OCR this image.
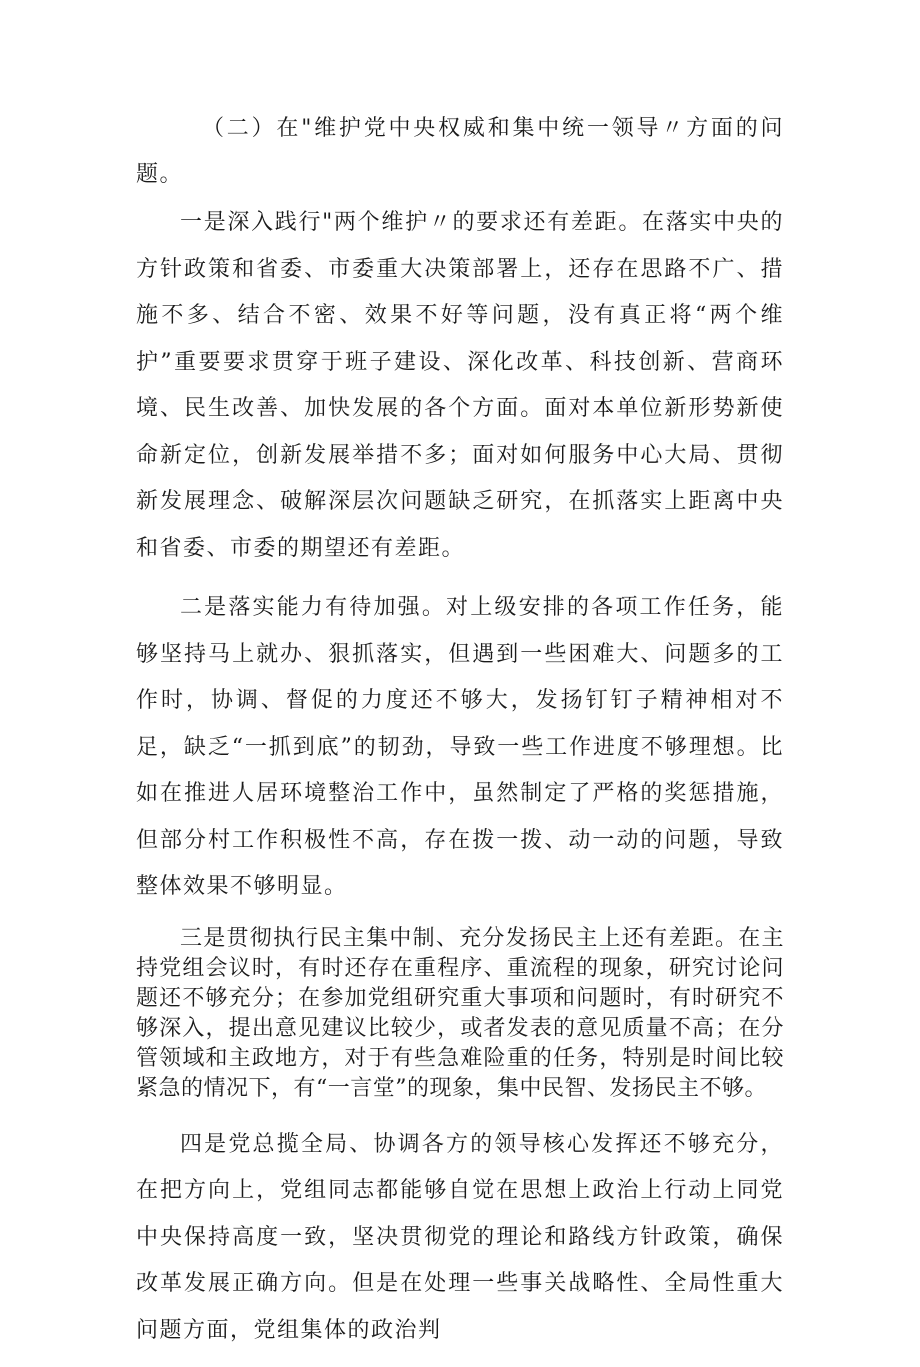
（二）在"维护党中央权威和集中统一领导〃方面的问题。

一是深入践行"两个维护〃的要求还有差距。在落实中央的方针政策和省委、市委重大决策部署上，还存在思路不广、措施不多、结合不密、效果不好等问题，没有真正将“两个维护”重要要求贯穿于班子建设、深化改革、科技创新、营商环境、民生改善、加快发展的各个方面。面对本单位新形势新使命新定位，创新发展举措不多；面对如何服务中心大局、贯彻新发展理念、破解深层次问题缺乏研究，在抓落实上距离中央和省委、市委的期望还有差距。

二是落实能力有待加强。对上级安排的各项工作任务，能够坚持马上就办、狠抓落实，但遇到一些困难大、问题多的工作时，协调、督促的力度还不够大，发扬钉钉子精神相对不足，缺乏“一抓到底”的韧劲，导致一些工作进度不够理想。比如在推进人居环境整治工作中，虽然制定了严格的奖惩措施，但部分村工作积极性不高，存在拨一拨、动一动的问题，导致整体效果不够明显。

三是贯彻执行民主集中制、充分发扬民主上还有差距。在主持党组会议时，有时还存在重程序、重流程的现象，研究讨论问题还不够充分；在参加党组研究重大事项和问题时，有时研究不够深入，提出意见建议比较少，或者发表的意见质量不高；在分管领域和主政地方，对于有些急难险重的任务，特别是时间比较紧急的情况下，有“一言堂”的现象，集中民智、发扬民主不够。

四是党总揽全局、协调各方的领导核心发挥还不够充分，在把方向上，党组同志都能够自觉在思想上政治上行动上同党中央保持高度一致，坚决贯彻党的理论和路线方针政策，确保改革发展正确方向。但是在处理一些事关战略性、全局性重大问题方面，党组集体的政治判
